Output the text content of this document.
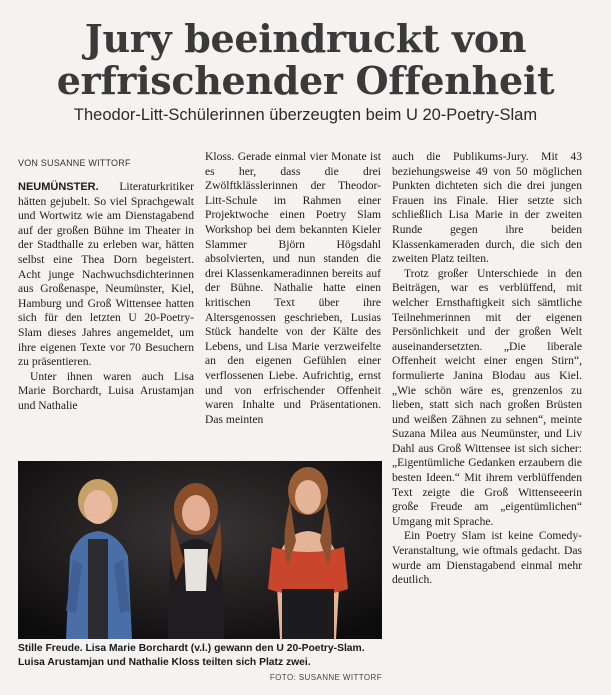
Jury beeindruckt von
erfrischender Offenheit
Theodor-Litt-Schülerinnen überzeugten beim U 20-Poetry-Slam
VON SUSANNE WITTORF

NEUMÜNSTER. Literaturkritiker hätten gejubelt. So viel Sprachgewalt und Wortwitz wie am Dienstagabend auf der großen Bühne im Theater in der Stadthalle zu erleben war, hätten selbst eine Thea Dorn begeistert. Acht junge Nachwuchsdichterinnen aus Großenaspe, Neumünster, Kiel, Hamburg und Groß Wittensee hatten sich für den letzten U 20-Poetry-Slam dieses Jahres angemeldet, um ihre eigenen Texte vor 70 Besuchern zu präsentieren.

Unter ihnen waren auch Lisa Marie Borchardt, Luisa Arustamjan und Nathalie

Kloss. Gerade einmal vier Monate ist es her, dass die drei Zwölftklässlerinnen der Theodor-Litt-Schule im Rahmen einer Projektwoche einen Poetry Slam Workshop bei dem bekannten Kieler Slammer Björn Högsdahl absolvierten, und nun standen die drei Klassenkameradinnen bereits auf der Bühne. Nathalie hatte einen kritischen Text über ihre Altersgenossen geschrieben, Lusias Stück handelte von der Kälte des Lebens, und Lisa Marie verzweifelte an den eigenen Gefühlen einer verflossenen Liebe. Aufrichtig, ernst und von erfrischender Offenheit waren Inhalte und Präsentationen. Das meinten

auch die Publikums-Jury. Mit 43 beziehungsweise 49 von 50 möglichen Punkten dichteten sich die drei jungen Frauen ins Finale. Hier setzte sich schließlich Lisa Marie in der zweiten Runde gegen ihre beiden Klassenkameraden durch, die sich den zweiten Platz teilten.

Trotz großer Unterschiede in den Beiträgen, war es verblüffend, mit welcher Ernsthaftigkeit sich sämtliche Teilnehmerinnen mit der eigenen Persönlichkeit und der großen Welt auseinandersetzten. „Die liberale Offenheit weicht einer engen Stirn“, formulierte Janina Blodau aus Kiel. „Wie schön wäre es, grenzenlos zu lieben, statt sich nach großen Brüsten und weißen Zähnen zu sehnen“, meinte Suzana Milea aus Neumünster, und Liv Dahl aus Groß Wittensee ist sich sicher: „Eigentümliche Gedanken erzaubern die besten Ideen.“ Mit ihrem verblüffenden Text zeigte die Groß Wittenseeerin große Freude am „eigentümlichen“ Umgang mit Sprache.

Ein Poetry Slam ist keine Comedy-Veranstaltung, wie oftmals gedacht. Das wurde am Dienstagabend einmal mehr deutlich.

Stille Freude. Lisa Marie Borchardt (v.l.) gewann den U 20-Poetry-Slam. Luisa Arustamjan und Nathalie Kloss teilten sich Platz zwei.
FOTO: SUSANNE WITTORF
